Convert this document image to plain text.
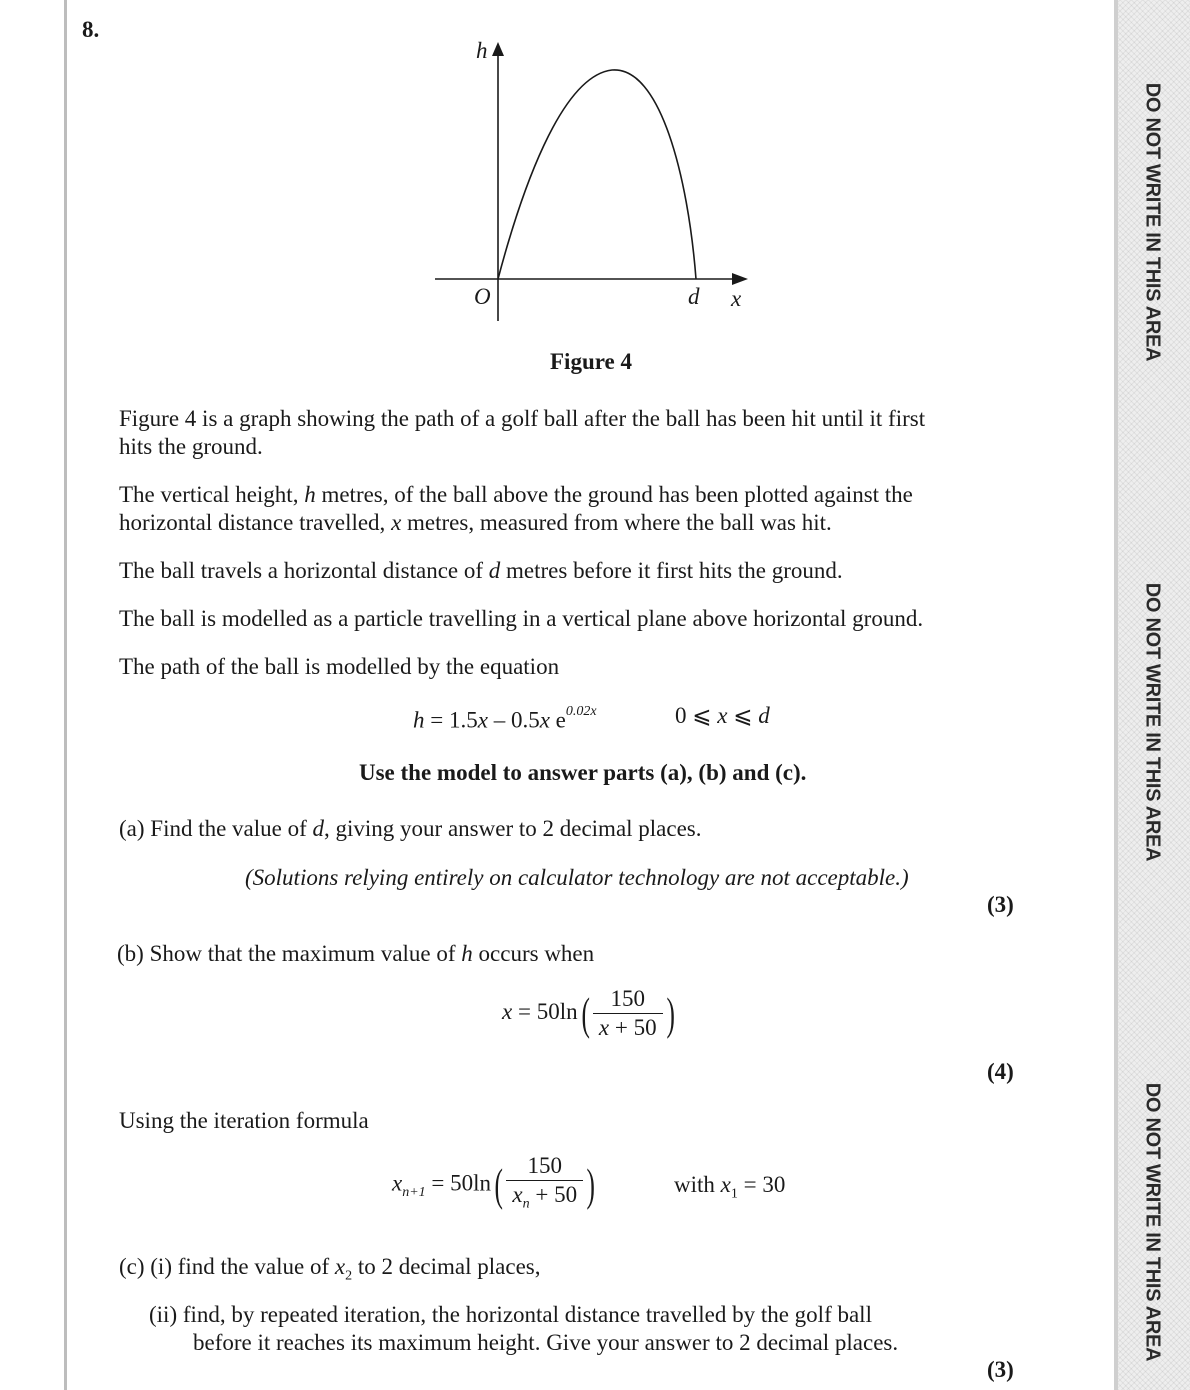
DO NOT WRITE IN THIS AREA
DO NOT WRITE IN THIS AREA
DO NOT WRITE IN THIS AREA
8.
h
O	d x
Figure 4
Figure 4 is a graph showing the path of a golf ball after the ball has been hit until it first
hits the ground.
The vertical height, h metres, of the ball above the ground has been plotted against the
horizontal distance travelled, x metres, measured from where the ball was hit.
The ball travels a horizontal distance of d metres before it first hits the ground.
The ball is modelled as a particle travelling in a vertical plane above horizontal ground.
The path of the ball is modelled by the equation
h = 1.5x – 0.5x $e^{0.02x}$	0 ⩽ x ⩽ d
Use the model to answer parts (a), (b) and (c).
(a) Find the value of d, giving your answer to 2 decimal places.
(Solutions relying entirely on calculator technology are not acceptable.)
(3)
(b) Show that the maximum value of h occurs when
$x = 50\ln( \frac{150}{x + 50}$ )
(4)
Using the iteration formula
$x_{n+1} = 50\ln( \frac{150}{x_n + 50}$ )	with $x_1 = 30$
(c) (i) find the value of $x_2$ to 2 decimal places,
(ii) find, by repeated iteration, the horizontal distance travelled by the golf ball
before it reaches its maximum height. Give your answer to 2 decimal places.
(3)
